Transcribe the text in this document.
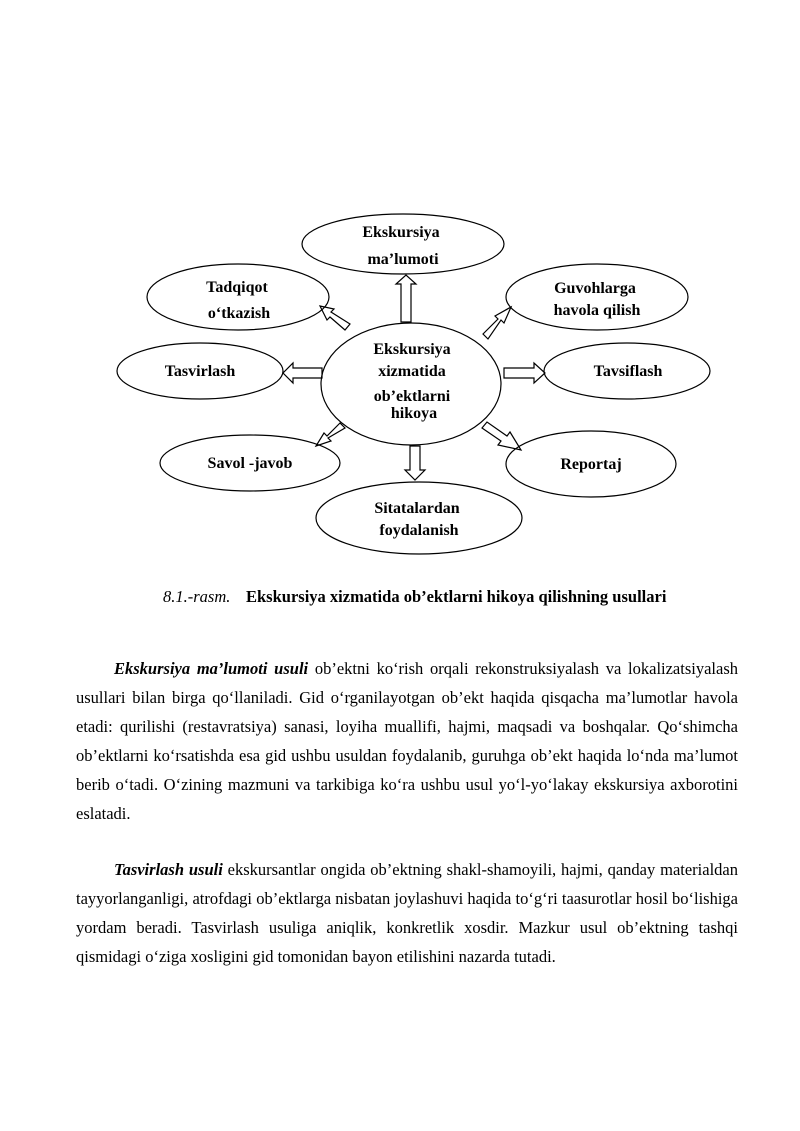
Ekskursiya xizmatida ob’ektlarni hikoya
Ekskursiya ma’lumoti
Tadqiqot o‘tkazish
Guvohlarga havola qilish
Tasvirlash	Tavsiflash
Savol -javob	Reportaj
Sitatalardan foydalanish
8.1.-rasm. Ekskursiya xizmatida ob’ektlarni hikoya qilishning usullari

Ekskursiya ma’lumoti usuli ob’ektni ko‘rish orqali rekonstruksiyalash va lokalizatsiyalash usullari bilan birga qo‘llaniladi. Gid o‘rganilayotgan ob’ekt haqida qisqacha ma’lumotlar havola etadi: qurilishi (restavratsiya) sanasi, loyiha muallifi, hajmi, maqsadi va boshqalar. Qo‘shimcha ob’ektlarni ko‘rsatishda esa gid ushbu usuldan foydalanib, guruhga ob’ekt haqida lo‘nda ma’lumot berib o‘tadi. O‘zining mazmuni va tarkibiga ko‘ra ushbu usul yo‘l-yo‘lakay ekskursiya axborotini eslatadi.

Tasvirlash usuli ekskursantlar ongida ob’ektning shakl-shamoyili, hajmi, qanday materialdan tayyorlanganligi, atrofdagi ob’ektlarga nisbatan joylashuvi haqida to‘g‘ri taasurotlar hosil bo‘lishiga yordam beradi. Tasvirlash usuliga aniqlik, konkretlik xosdir. Mazkur usul ob’ektning tashqi qismidagi o‘ziga xosligini gid tomonidan bayon etilishini nazarda tutadi.
